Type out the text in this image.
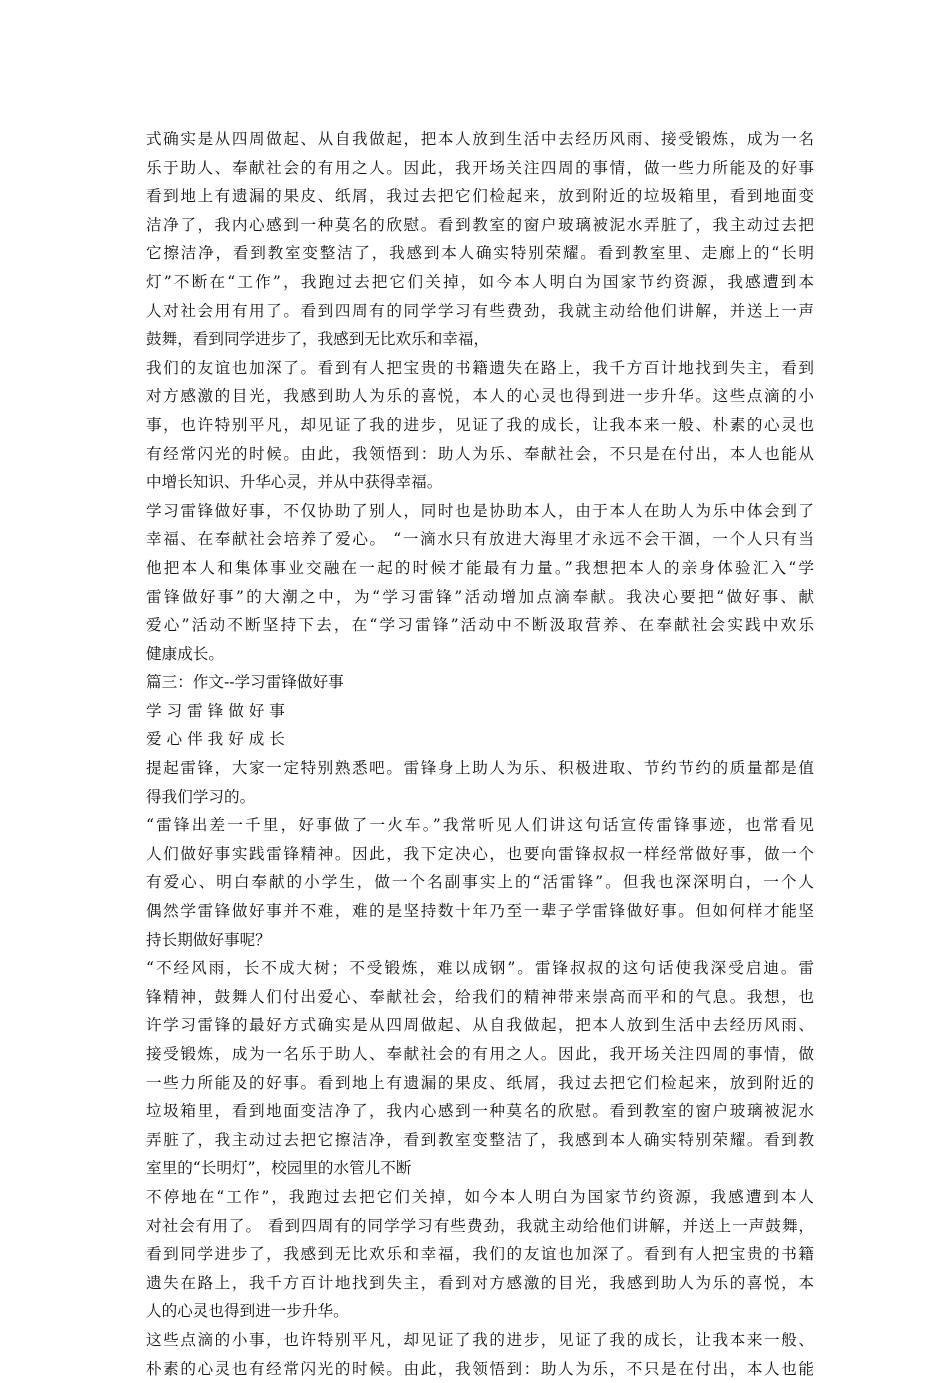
式确实是从四周做起、从自我做起，把本人放到生活中去经历风雨、接受锻炼，成为一名
乐于助人、奉献社会的有用之人。因此，我开场关注四周的事情，做一些力所能及的好事
看到地上有遗漏的果皮、纸屑，我过去把它们检起来，放到附近的垃圾箱里，看到地面变
洁净了，我内心感到一种莫名的欣慰。看到教室的窗户玻璃被泥水弄脏了，我主动过去把
它擦洁净，看到教室变整洁了，我感到本人确实特别荣耀。看到教室里、走廊上的“长明
灯”不断在“工作”，我跑过去把它们关掉，如今本人明白为国家节约资源，我感遭到本
人对社会用有用了。看到四周有的同学学习有些费劲，我就主动给他们讲解，并送上一声
鼓舞，看到同学进步了，我感到无比欢乐和幸福，
我们的友谊也加深了。看到有人把宝贵的书籍遗失在路上，我千方百计地找到失主，看到
对方感激的目光，我感到助人为乐的喜悦，本人的心灵也得到进一步升华。这些点滴的小
事，也许特别平凡，却见证了我的进步，见证了我的成长，让我本来一般、朴素的心灵也
有经常闪光的时候。由此，我领悟到：助人为乐、奉献社会，不只是在付出，本人也能从
中增长知识、升华心灵，并从中获得幸福。
学习雷锋做好事，不仅协助了别人，同时也是协助本人，由于本人在助人为乐中体会到了
幸福、在奉献社会培养了爱心。 “一滴水只有放进大海里才永远不会干涸，一个人只有当
他把本人和集体事业交融在一起的时候才能最有力量。”我想把本人的亲身体验汇入“学
雷锋做好事”的大潮之中，为“学习雷锋”活动增加点滴奉献。我决心要把“做好事、献
爱心”活动不断坚持下去，在“学习雷锋”活动中不断汲取营养、在奉献社会实践中欢乐
健康成长。
篇三：作文--学习雷锋做好事
学 习 雷 锋 做 好 事
爱 心 伴 我 好 成 长
提起雷锋，大家一定特别熟悉吧。雷锋身上助人为乐、积极进取、节约节约的质量都是值
得我们学习的。
“雷锋出差一千里，好事做了一火车。”我常听见人们讲这句话宣传雷锋事迹，也常看见
人们做好事实践雷锋精神。因此，我下定决心，也要向雷锋叔叔一样经常做好事，做一个
有爱心、明白奉献的小学生，做一个名副事实上的“活雷锋”。但我也深深明白，一个人
偶然学雷锋做好事并不难，难的是坚持数十年乃至一辈子学雷锋做好事。但如何样才能坚
持长期做好事呢？
“不经风雨，长不成大树；不受锻炼，难以成钢”。雷锋叔叔的这句话使我深受启迪。雷
锋精神，鼓舞人们付出爱心、奉献社会，给我们的精神带来崇高而平和的气息。我想，也
许学习雷锋的最好方式确实是从四周做起、从自我做起，把本人放到生活中去经历风雨、
接受锻炼，成为一名乐于助人、奉献社会的有用之人。因此，我开场关注四周的事情，做
一些力所能及的好事。看到地上有遗漏的果皮、纸屑，我过去把它们检起来，放到附近的
垃圾箱里，看到地面变洁净了，我内心感到一种莫名的欣慰。看到教室的窗户玻璃被泥水
弄脏了，我主动过去把它擦洁净，看到教室变整洁了，我感到本人确实特别荣耀。看到教
室里的“长明灯”，校园里的水管儿不断
不停地在“工作”，我跑过去把它们关掉，如今本人明白为国家节约资源，我感遭到本人
对社会有用了。 看到四周有的同学学习有些费劲，我就主动给他们讲解，并送上一声鼓舞，
看到同学进步了，我感到无比欢乐和幸福，我们的友谊也加深了。看到有人把宝贵的书籍
遗失在路上，我千方百计地找到失主，看到对方感激的目光，我感到助人为乐的喜悦，本
人的心灵也得到进一步升华。
这些点滴的小事，也许特别平凡，却见证了我的进步，见证了我的成长，让我本来一般、
朴素的心灵也有经常闪光的时候。由此，我领悟到：助人为乐，不只是在付出，本人也能
